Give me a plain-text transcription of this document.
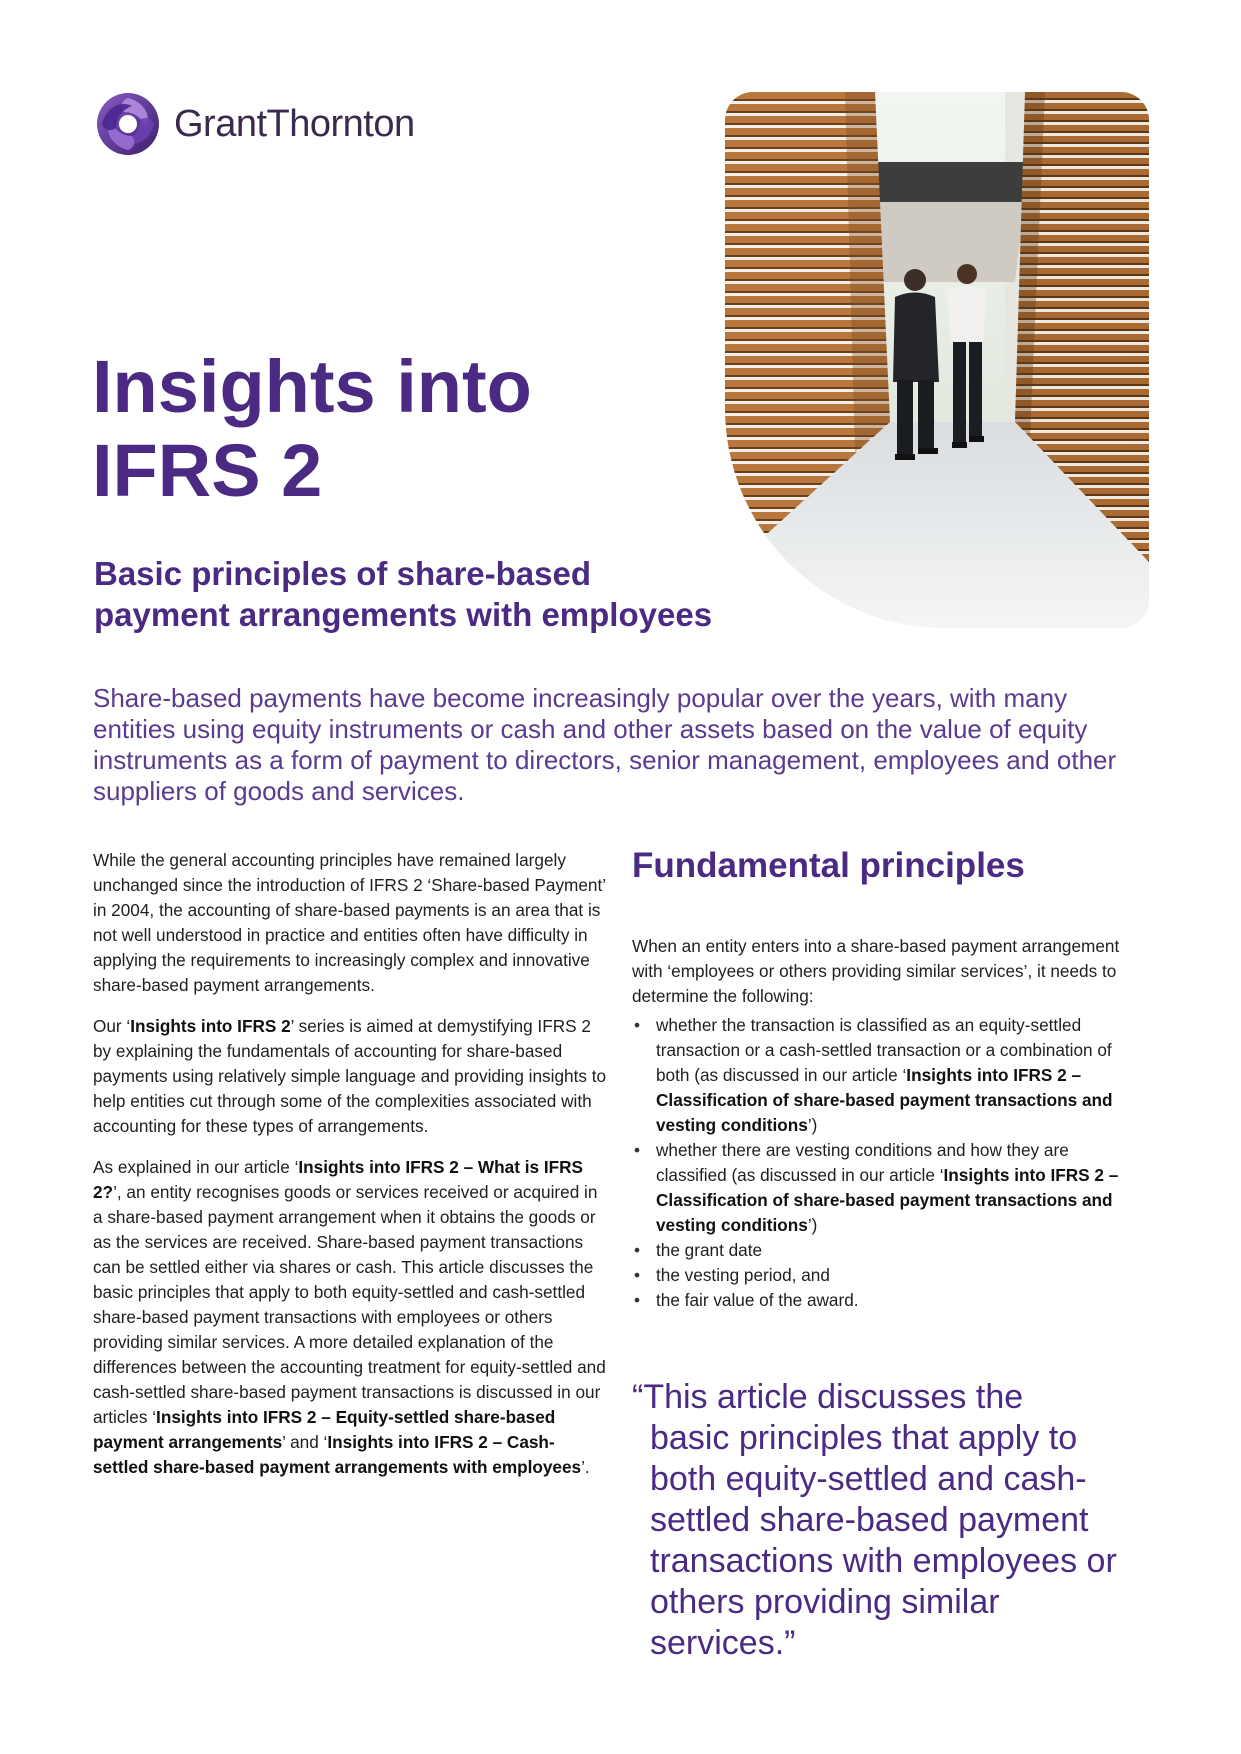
GrantThornton
Insights into
IFRS 2
Basic principles of share-based
payment arrangements with employees

Share-based payments have become increasingly popular over the years, with many entities using equity instruments or cash and other assets based on the value of equity instruments as a form of payment to directors, senior management, employees and other suppliers of goods and services.

While the general accounting principles have remained largely unchanged since the introduction of IFRS 2 ‘Share-based Payment’ in 2004, the accounting of share-based payments is an area that is not well understood in practice and entities often have difficulty in applying the requirements to increasingly complex and innovative share-based payment arrangements.

Our ‘Insights into IFRS 2’ series is aimed at demystifying IFRS 2 by explaining the fundamentals of accounting for share-based payments using relatively simple language and providing insights to help entities cut through some of the complexities associated with accounting for these types of arrangements.

As explained in our article ‘Insights into IFRS 2 – What is IFRS 2?’, an entity recognises goods or services received or acquired in a share-based payment arrangement when it obtains the goods or as the services are received. Share-based payment transactions can be settled either via shares or cash. This article discusses the basic principles that apply to both equity-settled and cash-settled share-based payment transactions with employees or others providing similar services. A more detailed explanation of the differences between the accounting treatment for equity-settled and cash-settled share-based payment transactions is discussed in our articles ‘Insights into IFRS 2 – Equity-settled share-based payment arrangements’ and ‘Insights into IFRS 2 – Cash-settled share-based payment arrangements with employees’.

Fundamental principles

When an entity enters into a share-based payment arrangement with ‘employees or others providing similar services’, it needs to determine the following:

• whether the transaction is classified as an equity-settled transaction or a cash-settled transaction or a combination of both (as discussed in our article ‘Insights into IFRS 2 – Classification of share-based payment transactions and vesting conditions’)
• whether there are vesting conditions and how they are classified (as discussed in our article ‘Insights into IFRS 2 – Classification of share-based payment transactions and vesting conditions’)
• the grant date
• the vesting period, and
• the fair value of the award.
“This article discusses the
basic principles that apply to both equity-settled and cash-settled share-based payment transactions with employees or others providing similar services.”
